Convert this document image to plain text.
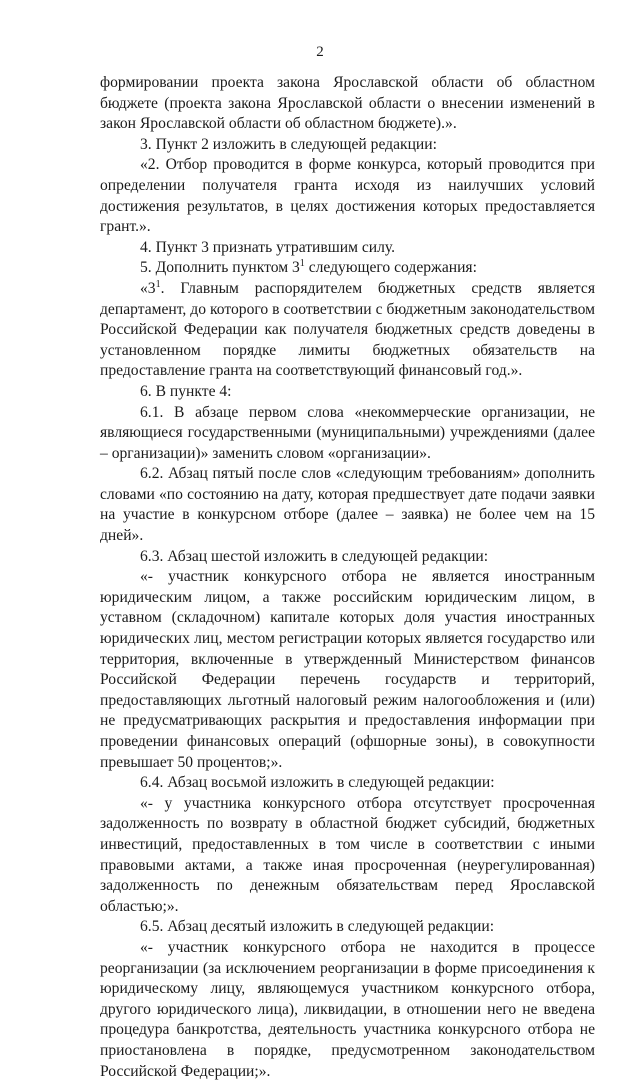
2

формировании проекта закона Ярославской области об областном бюджете (проекта закона Ярославской области о внесении изменений в закон Ярославской области об областном бюджете).».

3. Пункт 2 изложить в следующей редакции:

«2. Отбор проводится в форме конкурса, который проводится при определении получателя гранта исходя из наилучших условий достижения результатов, в целях достижения которых предоставляется грант.».

4. Пункт 3 признать утратившим силу.

5. Дополнить пунктом $3^1$ следующего содержания:

«$3^1$. Главным распорядителем бюджетных средств является департамент, до которого в соответствии с бюджетным законодательством Российской Федерации как получателя бюджетных средств доведены в установленном порядке лимиты бюджетных обязательств на предоставление гранта на соответствующий финансовый год.».

6. В пункте 4:

6.1. В абзаце первом слова «некоммерческие организации, не являющиеся государственными (муниципальными) учреждениями (далее – организации)» заменить словом «организации».

6.2. Абзац пятый после слов «следующим требованиям» дополнить словами «по состоянию на дату, которая предшествует дате подачи заявки на участие в конкурсном отборе (далее – заявка) не более чем на 15 дней».

6.3. Абзац шестой изложить в следующей редакции:

«- участник конкурсного отбора не является иностранным юридическим лицом, а также российским юридическим лицом, в уставном (складочном) капитале которых доля участия иностранных юридических лиц, местом регистрации которых является государство или территория, включенные в утвержденный Министерством финансов Российской Федерации перечень государств и территорий, предоставляющих льготный налоговый режим налогообложения и (или) не предусматривающих раскрытия и предоставления информации при проведении финансовых операций (офшорные зоны), в совокупности превышает 50 процентов;».

6.4. Абзац восьмой изложить в следующей редакции:

«- у участника конкурсного отбора отсутствует просроченная задолженность по возврату в областной бюджет субсидий, бюджетных инвестиций, предоставленных в том числе в соответствии с иными правовыми актами, а также иная просроченная (неурегулированная) задолженность по денежным обязательствам перед Ярославской областью;».

6.5. Абзац десятый изложить в следующей редакции:

«- участник конкурсного отбора не находится в процессе реорганизации (за исключением реорганизации в форме присоединения к юридическому лицу, являющемуся участником конкурсного отбора, другого юридического лица), ликвидации, в отношении него не введена процедура банкротства, деятельность участника конкурсного отбора не приостановлена в порядке, предусмотренном законодательством Российской Федерации;».
